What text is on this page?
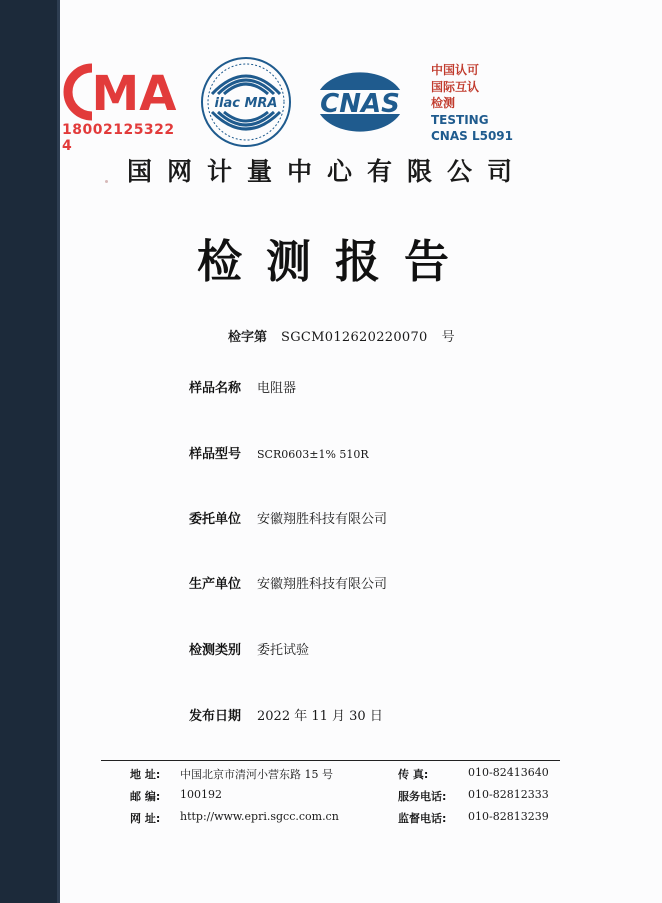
MA
18002125322 4
ilac MRA CNAS
中国认可
国际互认
检测
TESTING
CNAS L5091
国网计量中心有限公司
检测报告
检字第 SGCM012620220070 号
样品名称 电阻器
样品型号 SCR0603±1% 510R
委托单位 安徽翔胜科技有限公司
生产单位 安徽翔胜科技有限公司
检测类别 委托试验
发布日期 2022 年 11 月 30 日
地 址:	中国北京市清河小营东路 15 号	传 真:	010-82413640
邮 编:	100192	服务电话:	010-82812333
网 址:	http://www.epri.sgcc.com.cn	监督电话:	010-82813239
